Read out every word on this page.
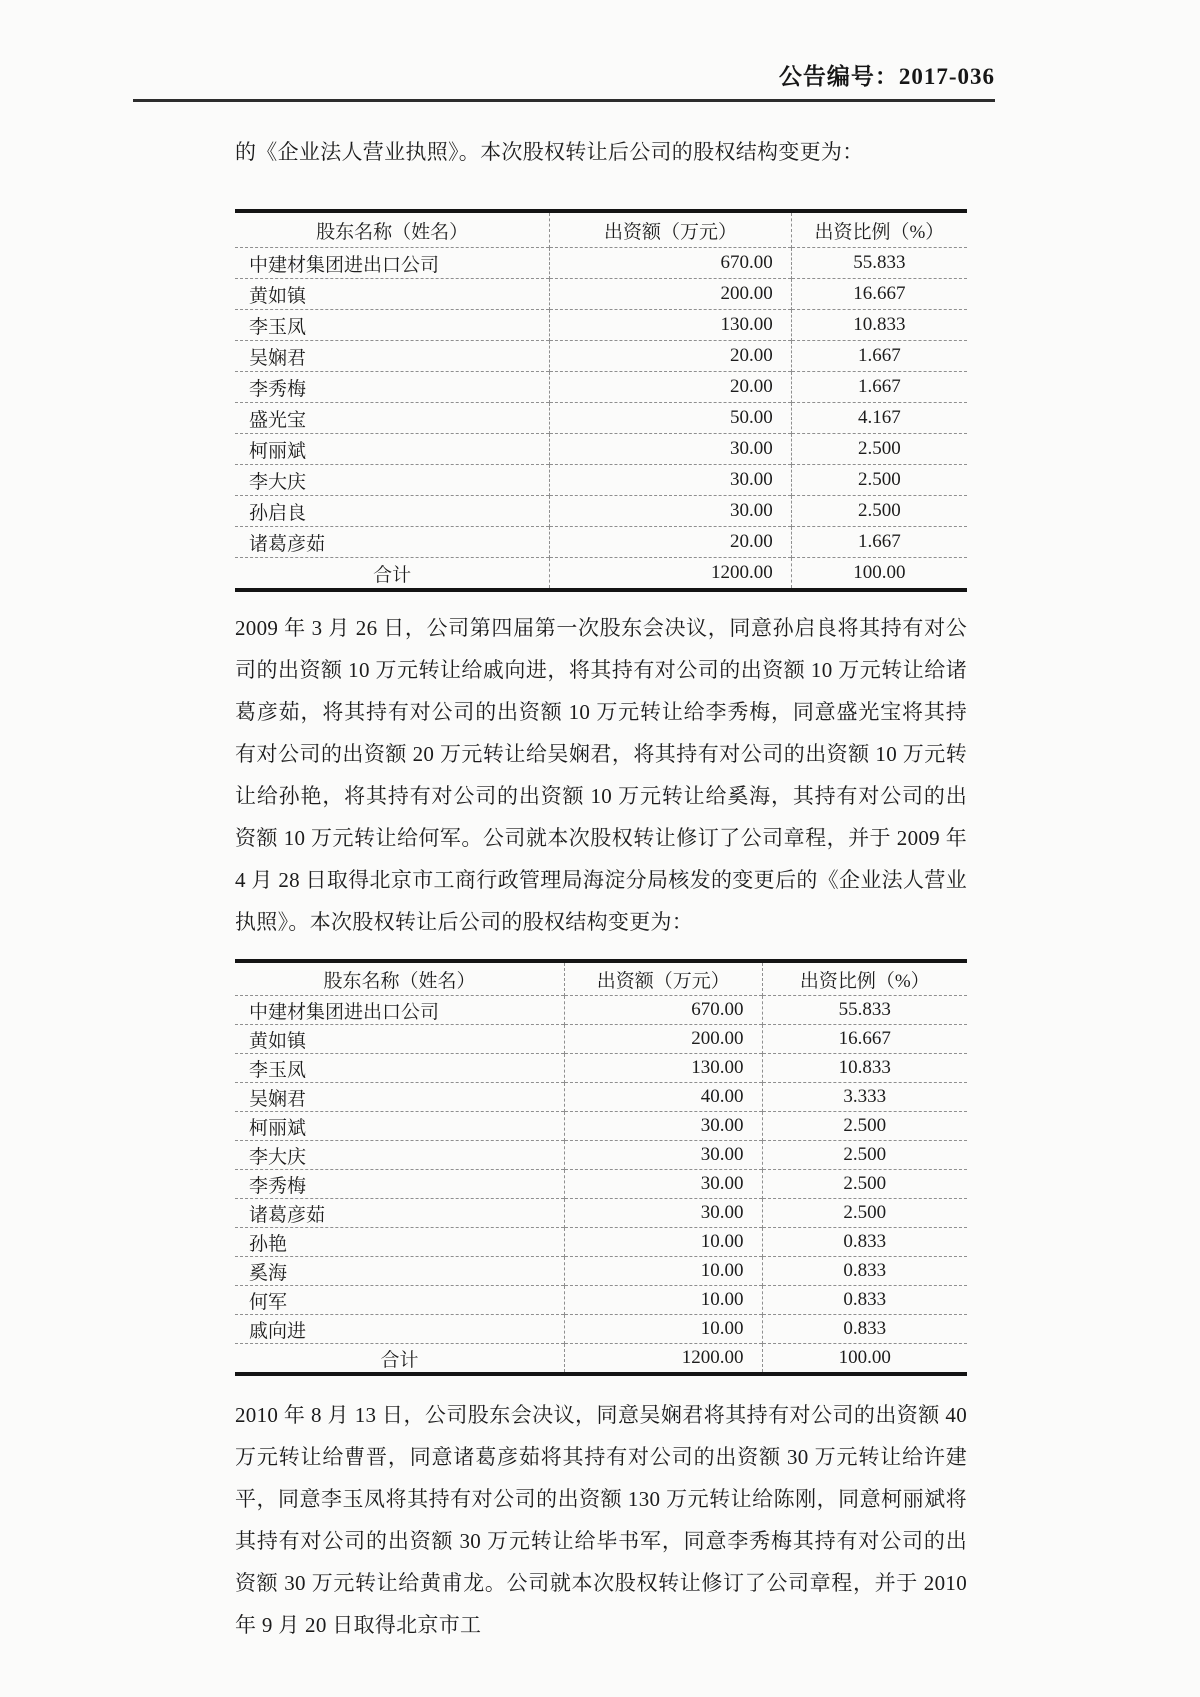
公告编号：2017-036

的《企业法人营业执照》。本次股权转让后公司的股权结构变更为：

股东名称（姓名）	出资额（万元）	出资比例（%）
中建材集团进出口公司	670.00	55.833
黄如镇	200.00	16.667
李玉凤	130.00	10.833
吴娴君	20.00	1.667
李秀梅	20.00	1.667
盛光宝	50.00	4.167
柯丽斌	30.00	2.500
李大庆	30.00	2.500
孙启良	30.00	2.500
诸葛彦茹	20.00	1.667
合计	1200.00	100.00

2009 年 3 月 26 日，公司第四届第一次股东会决议，同意孙启良将其持有对公司的出资额 10 万元转让给戚向进，将其持有对公司的出资额 10 万元转让给诸葛彦茹，将其持有对公司的出资额 10 万元转让给李秀梅，同意盛光宝将其持有对公司的出资额 20 万元转让给吴娴君，将其持有对公司的出资额 10 万元转让给孙艳，将其持有对公司的出资额 10 万元转让给奚海，其持有对公司的出资额 10 万元转让给何军。公司就本次股权转让修订了公司章程，并于 2009 年 4 月 28 日取得北京市工商行政管理局海淀分局核发的变更后的《企业法人营业执照》。本次股权转让后公司的股权结构变更为：

股东名称（姓名）	出资额（万元）	出资比例（%）
中建材集团进出口公司	670.00	55.833
黄如镇	200.00	16.667
李玉凤	130.00	10.833
吴娴君	40.00	3.333
柯丽斌	30.00	2.500
李大庆	30.00	2.500
李秀梅	30.00	2.500
诸葛彦茹	30.00	2.500
孙艳	10.00	0.833
奚海	10.00	0.833
何军	10.00	0.833
戚向进	10.00	0.833
合计	1200.00	100.00

2010 年 8 月 13 日，公司股东会决议，同意吴娴君将其持有对公司的出资额 40 万元转让给曹晋，同意诸葛彦茹将其持有对公司的出资额 30 万元转让给许建平，同意李玉凤将其持有对公司的出资额 130 万元转让给陈刚，同意柯丽斌将其持有对公司的出资额 30 万元转让给毕书军，同意李秀梅其持有对公司的出资额 30 万元转让给黄甫龙。公司就本次股权转让修订了公司章程，并于 2010 年 9 月 20 日取得北京市工
